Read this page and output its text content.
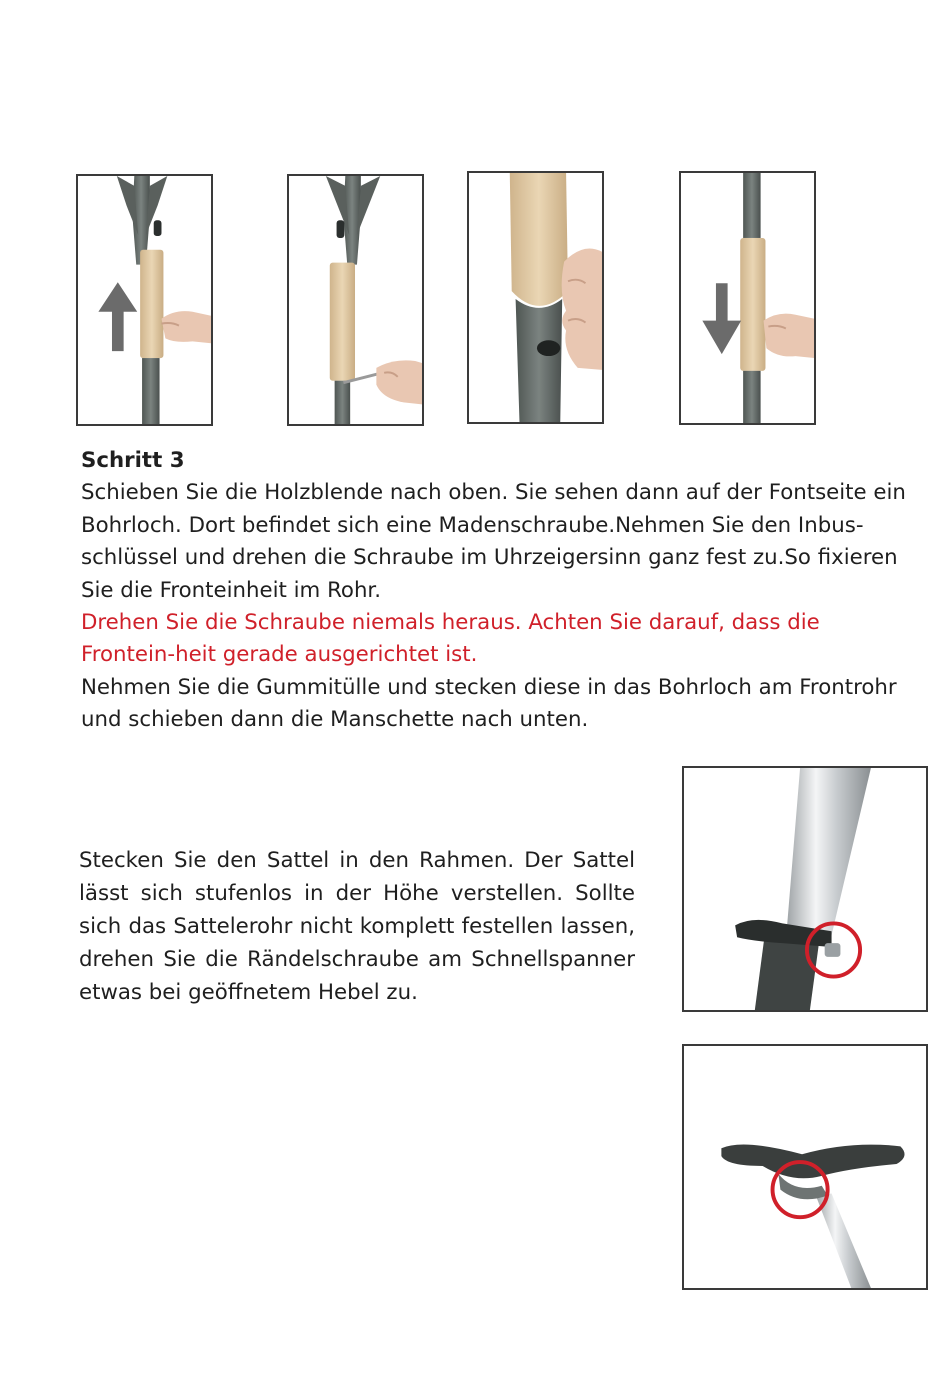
Schritt 3

Schieben Sie die Holzblende nach oben. Sie sehen dann auf der Fontseite ein Bohrloch. Dort befindet sich eine Madenschraube.Nehmen Sie den Inbus-schlüssel und drehen die Schraube im Uhrzeigersinn ganz fest zu.So fixieren Sie die Fronteinheit im Rohr.

Drehen Sie die Schraube niemals heraus. Achten Sie darauf, dass die Frontein-heit gerade ausgerichtet ist.

Nehmen Sie die Gummitülle und stecken diese in das Bohrloch am Frontrohr und schieben dann die Manschette nach unten.

Stecken Sie den Sattel in den Rahmen. Der Sattel lässt sich stufenlos in der Höhe verstellen. Sollte sich das Sattelerohr nicht komplett festellen lassen, drehen Sie die Rändelschraube am Schnellspanner etwas bei geöffnetem Hebel zu.
